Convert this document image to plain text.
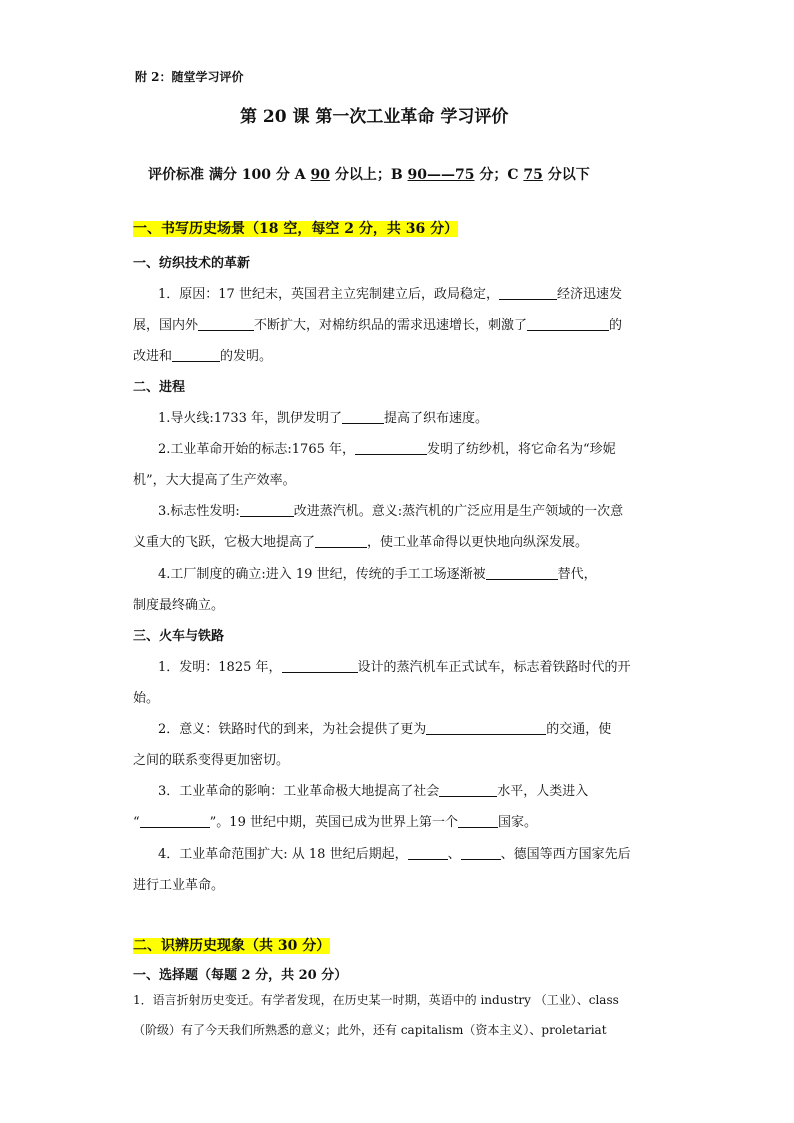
附 2：随堂学习评价
第 20 课 第一次工业革命 学习评价
评价标准 满分 100 分 A 90 分以上；B 90——75 分；C 75 分以下
一、书写历史场景（18 空，每空 2 分，共 36 分）
一、纺织技术的革新
1．原因：17 世纪末，英国君主立宪制建立后，政局稳定，	经济迅速发
展，国内外	不断扩大，对棉纺织品的需求迅速增长，刺激了	的
改进和	的发明。
二、进程
1.导火线:1733 年，凯伊发明了	提高了织布速度。
2.工业革命开始的标志:1765 年，	发明了纺纱机，将它命名为“珍妮
机”，大大提高了生产效率。
3.标志性发明:	改进蒸汽机。意义:蒸汽机的广泛应用是生产领域的一次意
义重大的飞跃，它极大地提高了	，使工业革命得以更快地向纵深发展。
4.工厂制度的确立:进入 19 世纪，传统的手工工场逐渐被	替代，
制度最终确立。
三、火车与铁路
1．发明：1825 年，	设计的蒸汽机车正式试车，标志着铁路时代的开
始。
2．意义：铁路时代的到来，为社会提供了更为	的交通，使
之间的联系变得更加密切。
3．工业革命的影响：工业革命极大地提高了社会	水平，人类进入
“	”。19 世纪中期，英国已成为世界上第一个	国家。
4．工业革命范围扩大: 从 18 世纪后期起，	、	、德国等西方国家先后
进行工业革命。
二、识辨历史现象（共 30 分）
一、选择题（每题 2 分，共 20 分）
1．语言折射历史变迁。有学者发现，在历史某一时期，英语中的 industry （工业）、class
（阶级）有了今天我们所熟悉的意义；此外，还有 capitalism（资本主义）、proletariat
